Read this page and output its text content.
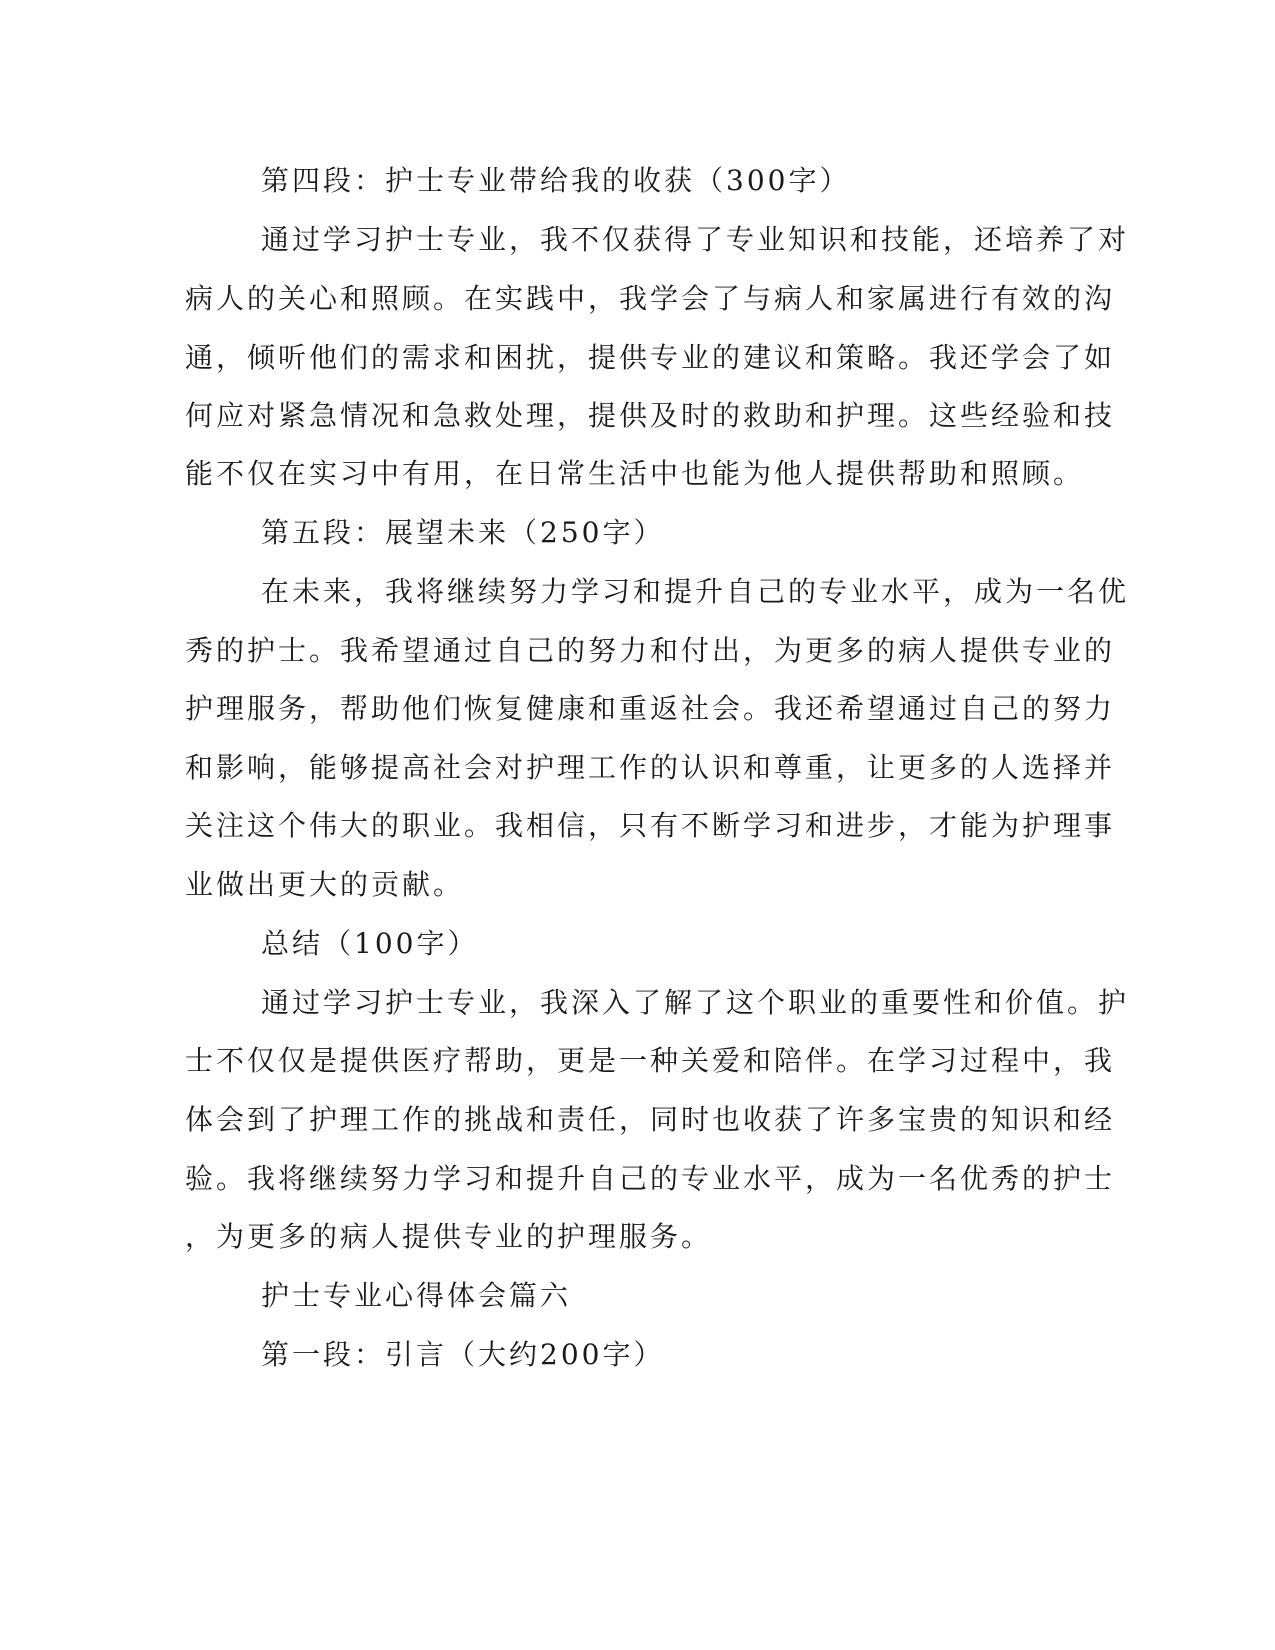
第四段：护士专业带给我的收获（300字）
通过学习护士专业，我不仅获得了专业知识和技能，还培养了对
病人的关心和照顾。在实践中，我学会了与病人和家属进行有效的沟
通，倾听他们的需求和困扰，提供专业的建议和策略。我还学会了如
何应对紧急情况和急救处理，提供及时的救助和护理。这些经验和技
能不仅在实习中有用，在日常生活中也能为他人提供帮助和照顾。
第五段：展望未来（250字）
在未来，我将继续努力学习和提升自己的专业水平，成为一名优
秀的护士。我希望通过自己的努力和付出，为更多的病人提供专业的
护理服务，帮助他们恢复健康和重返社会。我还希望通过自己的努力
和影响，能够提高社会对护理工作的认识和尊重，让更多的人选择并
关注这个伟大的职业。我相信，只有不断学习和进步，才能为护理事
业做出更大的贡献。
总结（100字）
通过学习护士专业，我深入了解了这个职业的重要性和价值。护
士不仅仅是提供医疗帮助，更是一种关爱和陪伴。在学习过程中，我
体会到了护理工作的挑战和责任，同时也收获了许多宝贵的知识和经
验。我将继续努力学习和提升自己的专业水平，成为一名优秀的护士
，为更多的病人提供专业的护理服务。
护士专业心得体会篇六
第一段：引言（大约200字）
